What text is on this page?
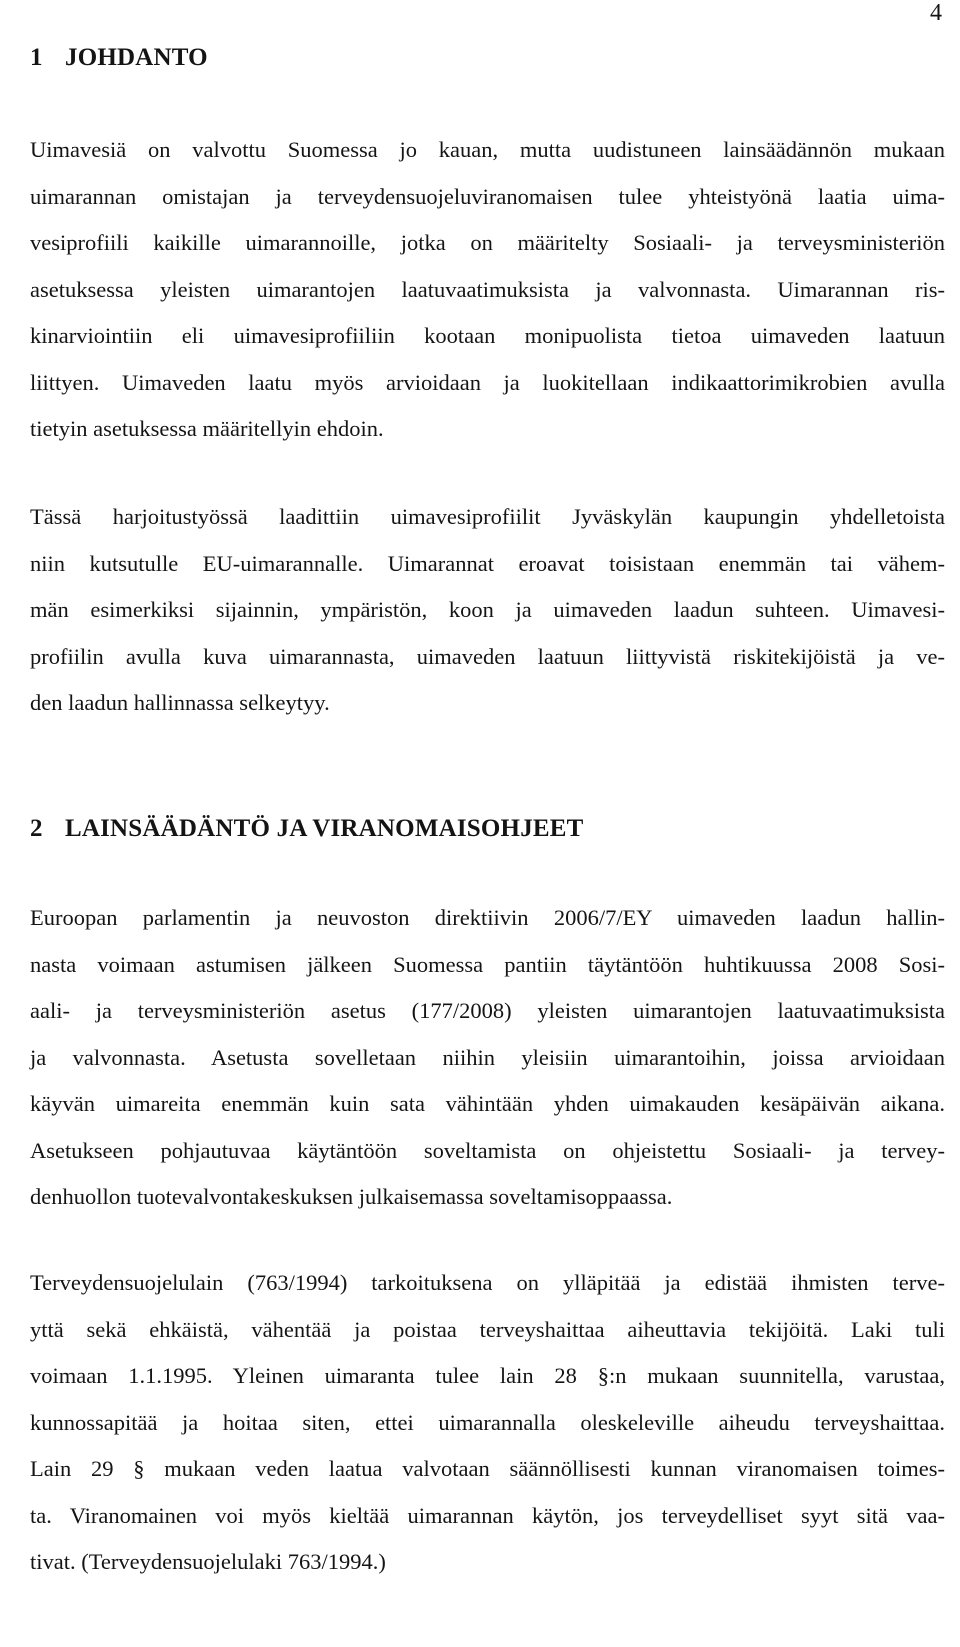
4
1 JOHDANTO
Uimavesiä on valvottu Suomessa jo kauan, mutta uudistuneen lainsäädännön mukaan
uimarannan omistajan ja terveydensuojeluviranomaisen tulee yhteistyönä laatia uima-
vesiprofiili kaikille uimarannoille, jotka on määritelty Sosiaali- ja terveysministeriön
asetuksessa yleisten uimarantojen laatuvaatimuksista ja valvonnasta. Uimarannan ris-
kinarviointiin eli uimavesiprofiiliin kootaan monipuolista tietoa uimaveden laatuun
liittyen. Uimaveden laatu myös arvioidaan ja luokitellaan indikaattorimikrobien avulla
tietyin asetuksessa määritellyin ehdoin.
Tässä harjoitustyössä laadittiin uimavesiprofiilit Jyväskylän kaupungin yhdelletoista
niin kutsutulle EU-uimarannalle. Uimarannat eroavat toisistaan enemmän tai vähem-
män esimerkiksi sijainnin, ympäristön, koon ja uimaveden laadun suhteen. Uimavesi-
profiilin avulla kuva uimarannasta, uimaveden laatuun liittyvistä riskitekijöistä ja ve-
den laadun hallinnassa selkeytyy.
2 LAINSÄÄDÄNTÖ JA VIRANOMAISOHJEET
Euroopan parlamentin ja neuvoston direktiivin 2006/7/EY uimaveden laadun hallin-
nasta voimaan astumisen jälkeen Suomessa pantiin täytäntöön huhtikuussa 2008 Sosi-
aali- ja terveysministeriön asetus (177/2008) yleisten uimarantojen laatuvaatimuksista
ja valvonnasta. Asetusta sovelletaan niihin yleisiin uimarantoihin, joissa arvioidaan
käyvän uimareita enemmän kuin sata vähintään yhden uimakauden kesäpäivän aikana.
Asetukseen pohjautuvaa käytäntöön soveltamista on ohjeistettu Sosiaali- ja tervey-
denhuollon tuotevalvontakeskuksen julkaisemassa soveltamisoppaassa.
Terveydensuojelulain (763/1994) tarkoituksena on ylläpitää ja edistää ihmisten terve-
yttä sekä ehkäistä, vähentää ja poistaa terveyshaittaa aiheuttavia tekijöitä. Laki tuli
voimaan 1.1.1995. Yleinen uimaranta tulee lain 28 §:n mukaan suunnitella, varustaa,
kunnossapitää ja hoitaa siten, ettei uimarannalla oleskeleville aiheudu terveyshaittaa.
Lain 29 § mukaan veden laatua valvotaan säännöllisesti kunnan viranomaisen toimes-
ta. Viranomainen voi myös kieltää uimarannan käytön, jos terveydelliset syyt sitä vaa-
tivat. (Terveydensuojelulaki 763/1994.)
